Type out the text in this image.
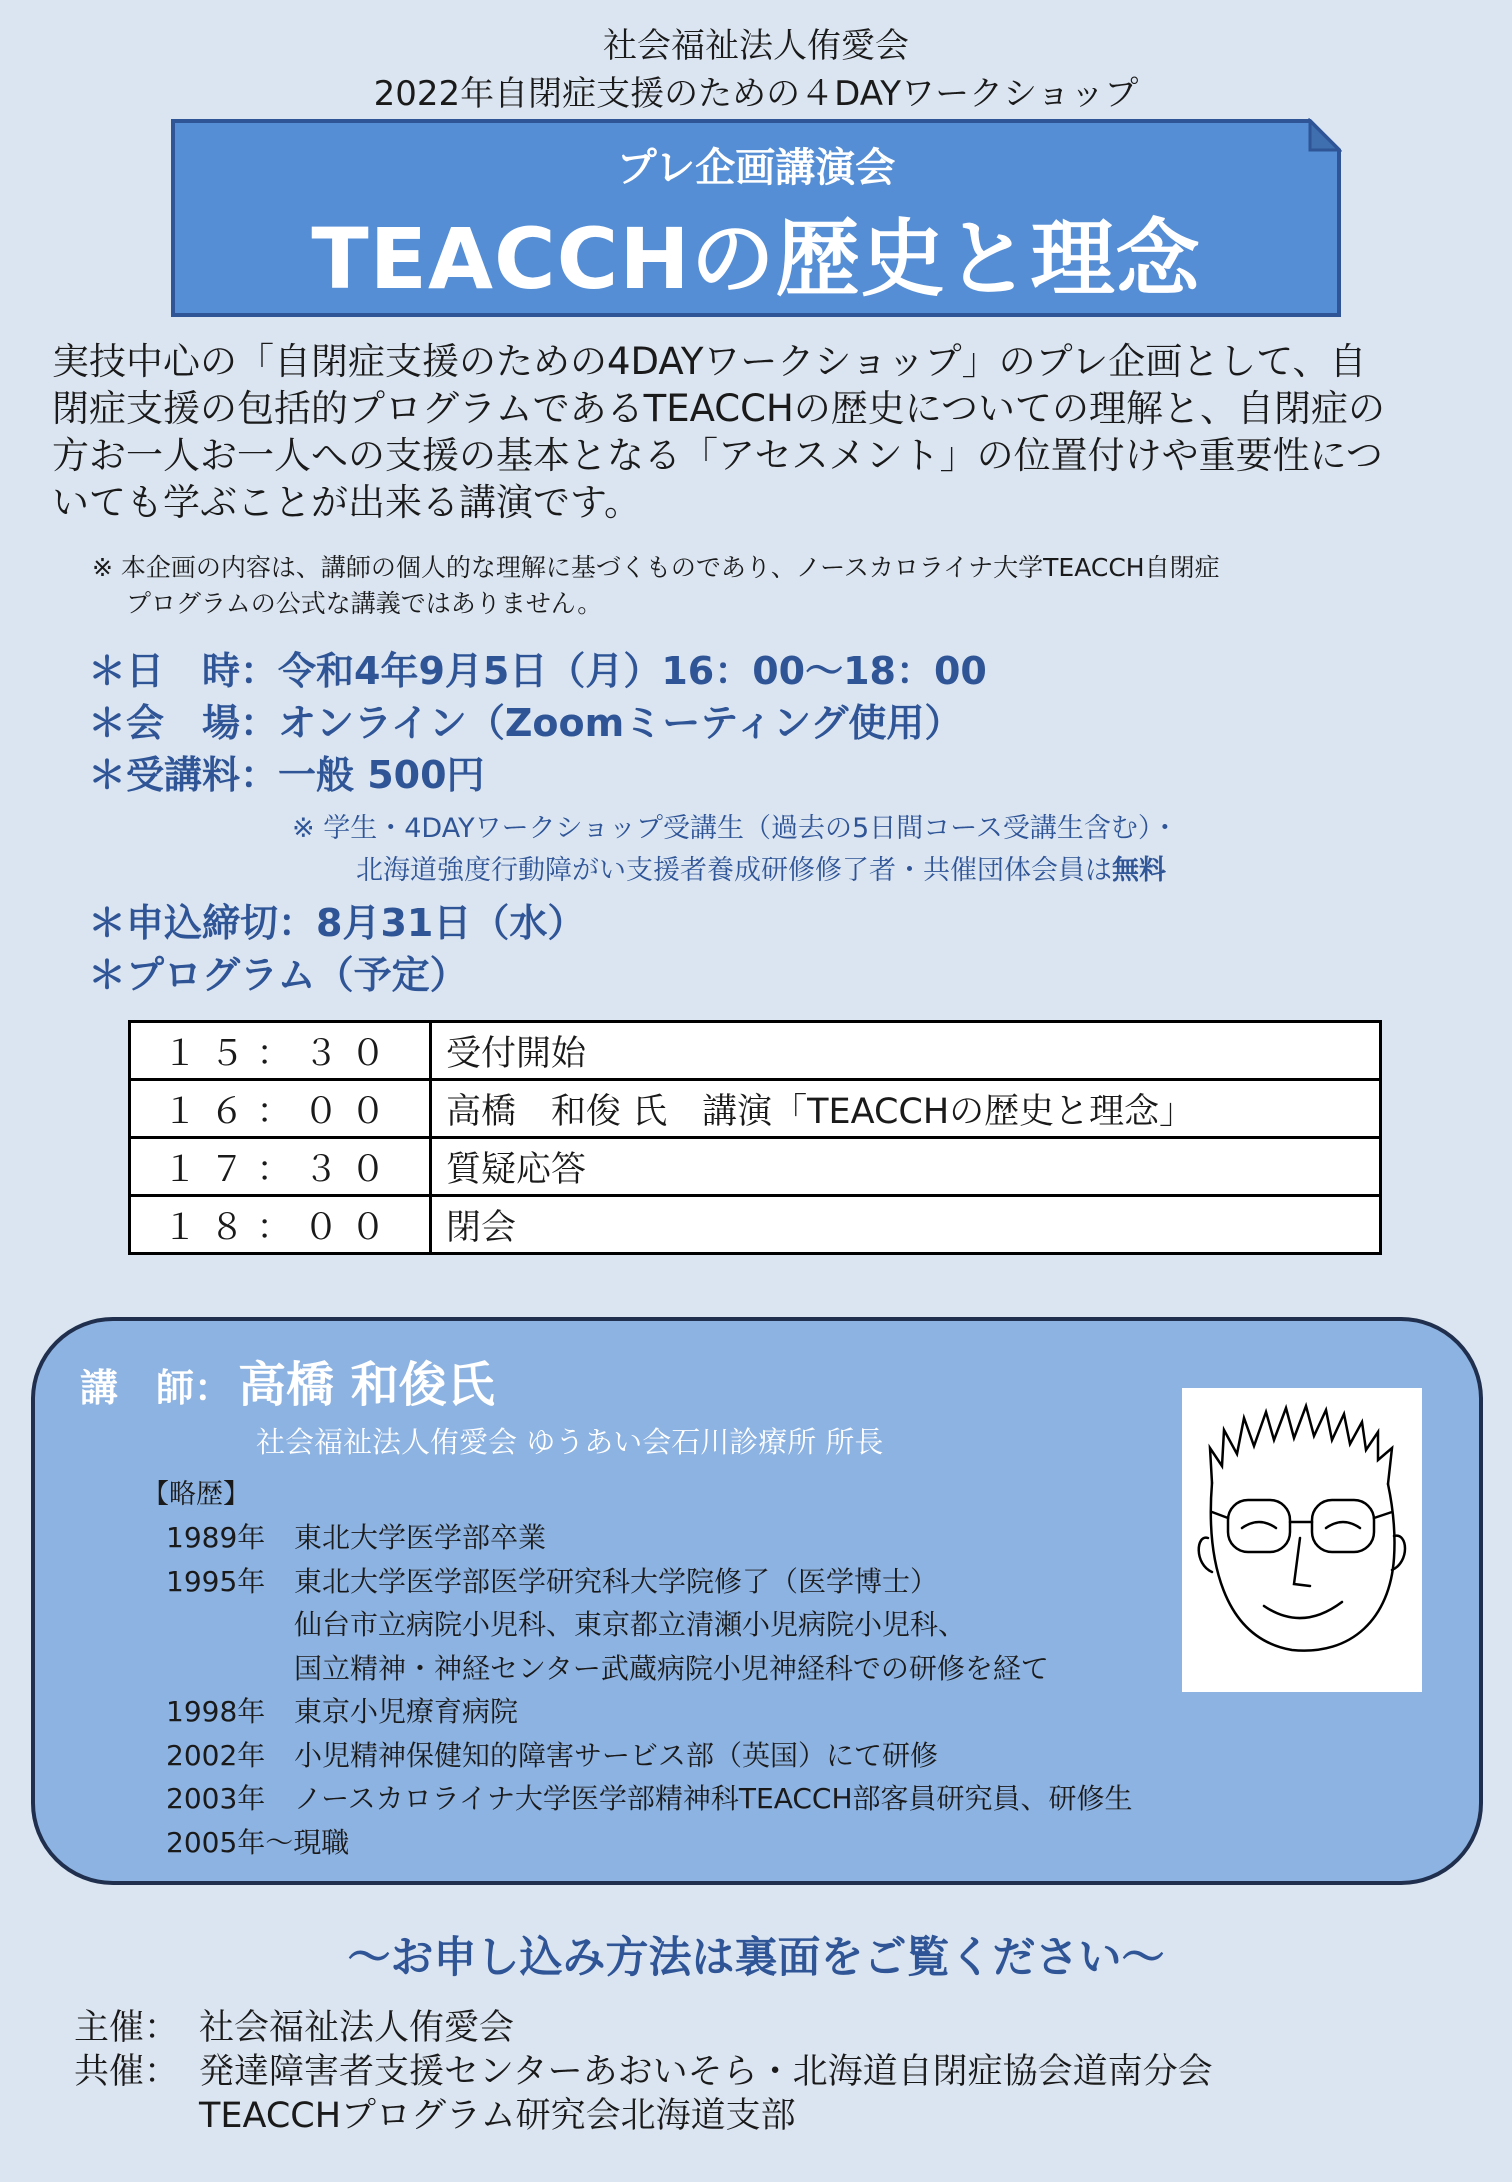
社会福祉法人侑愛会
2022年自閉症支援のための４DAYワークショップ
プレ企画講演会
TEACCHの歴史と理念

実技中心の「自閉症支援のための4DAYワークショップ」のプレ企画として、自

閉症支援の包括的プログラムであるTEACCHの歴史についての理解と、自閉症の

方お一人お一人への支援の基本となる「アセスメント」の位置付けや重要性につ

いても学ぶことが出来る講演です。

※ 本企画の内容は、講師の個人的な理解に基づくものであり、ノースカロライナ大学TEACCH自閉症
プログラムの公式な講義ではありません。
＊日　時：令和4年9月5日（月）16：00～18：00
＊会　場：オンライン（Zoomミーティング使用）
＊受講料：一般 500円
※ 学生・4DAYワークショップ受講生（過去の5日間コース受講生含む）・
北海道強度行動障がい支援者養成研修修了者・共催団体会員は無料
＊申込締切：8月31日（水）
＊プログラム（予定）
１５：３０	受付開始
１６：００	高橋　和俊 氏　講演「TEACCHの歴史と理念」
１７：３０	質疑応答
１８：００	閉会
講　師： 高橋 和俊氏
社会福祉法人侑愛会 ゆうあい会石川診療所 所長
【略歴】
1989年	東北大学医学部卒業
1995年	東北大学医学部医学研究科大学院修了（医学博士）
仙台市立病院小児科、東京都立清瀬小児病院小児科、
国立精神・神経センター武蔵病院小児神経科での研修を経て
1998年	東京小児療育病院
2002年	小児精神保健知的障害サービス部（英国）にて研修
2003年	ノースカロライナ大学医学部精神科TEACCH部客員研究員、研修生
2005年～現職
～お申し込み方法は裏面をご覧ください～
主催： 社会福祉法人侑愛会
共催： 発達障害者支援センターあおいそら・北海道自閉症協会道南分会
TEACCHプログラム研究会北海道支部
